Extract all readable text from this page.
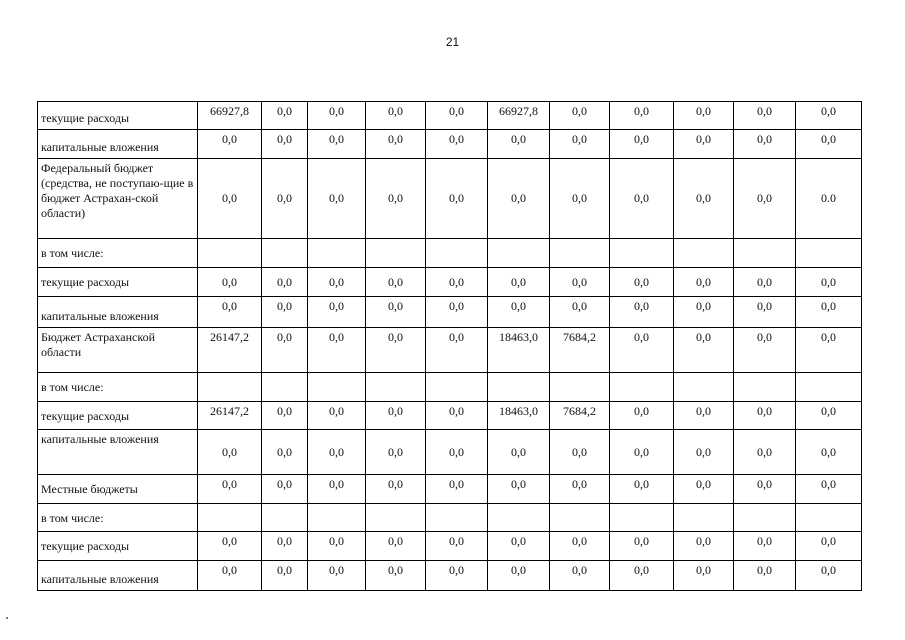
21
текущие расходы	66927,8	0,0	0,0	0,0	0,0	66927,8	0,0	0,0	0,0	0,0	0,0
капитальные вложения	0,0	0,0	0,0	0,0	0,0	0,0	0,0	0,0	0,0	0,0	0,0
Федеральный бюджет (средства, не поступаю-щие в бюджет Астрахан-ской области)	0,0	0,0	0,0	0,0	0,0	0,0	0,0	0,0	0,0	0,0	0.0
в том числе:											
текущие расходы	0,0	0,0	0,0	0,0	0,0	0,0	0,0	0,0	0,0	0,0	0,0
капитальные вложения	0,0	0,0	0,0	0,0	0,0	0,0	0,0	0,0	0,0	0,0	0,0
Бюджет Астраханской области	26147,2	0,0	0,0	0,0	0,0	18463,0	7684,2	0,0	0,0	0,0	0,0
в том числе:											
текущие расходы	26147,2	0,0	0,0	0,0	0,0	18463,0	7684,2	0,0	0,0	0,0	0,0
капитальные вложения	0,0	0,0	0,0	0,0	0,0	0,0	0,0	0,0	0,0	0,0	0,0
Местные бюджеты	0,0	0,0	0,0	0,0	0,0	0,0	0,0	0,0	0,0	0,0	0,0
в том числе:											
текущие расходы	0,0	0,0	0,0	0,0	0,0	0,0	0,0	0,0	0,0	0,0	0,0
капитальные вложения	0,0	0,0	0,0	0,0	0,0	0,0	0,0	0,0	0,0	0,0	0,0
